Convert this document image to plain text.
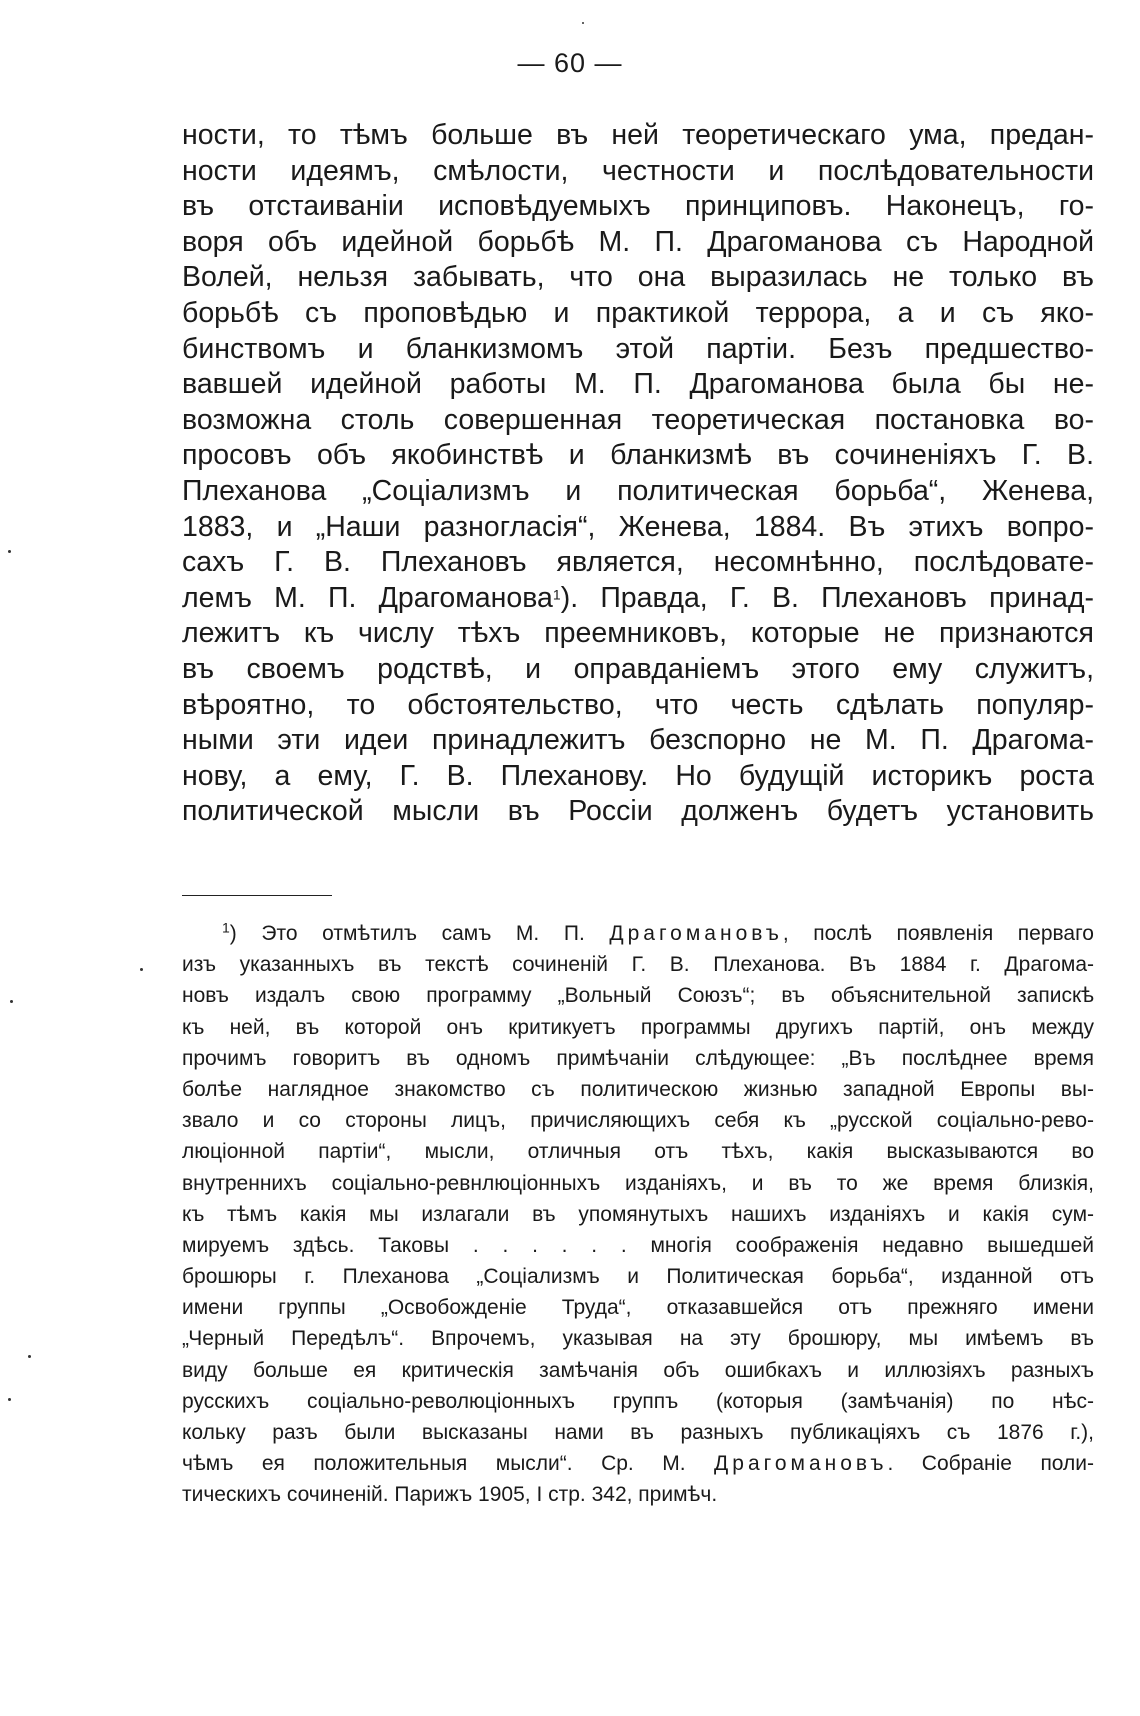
— 60 —
ности, то тѣмъ больше въ ней теоретическаго ума, предан-
ности идеямъ, смѣлости, честности и послѣдовательности
въ отстаиванiи исповѣдуемыхъ принциповъ. Наконецъ, го-
воря объ идейной борьбѣ М. П. Драгоманова съ Народной
Волей, нельзя забывать, что она выразилась не только въ
борьбѣ съ проповѣдью и практикой террора, а и съ яко-
бинствомъ и бланкизмомъ этой партiи. Безъ предшество-
вавшей идейной работы М. П. Драгоманова была бы не-
возможна столь совершенная теоретическая постановка во-
просовъ объ якобинствѣ и бланкизмѣ въ сочиненiяхъ Г. В.
Плеханова „Соцiализмъ и политическая борьба“, Женева,
1883, и „Наши разногласiя“, Женева, 1884. Въ этихъ вопро-
сахъ Г. В. Плехановъ является, несомнѣнно, послѣдовате-
лемъ М. П. Драгоманова$^1$). Правда, Г. В. Плехановъ принад-
лежитъ къ числу тѣхъ преемниковъ, которые не признаются
въ своемъ родствѣ, и оправданiемъ этого ему служитъ,
вѣроятно, то обстоятельство, что честь сдѣлать популяр-
ными эти идеи принадлежитъ безспорно не М. П. Драгома-
нову, а ему, Г. В. Плеханову. Но будущiй историкъ роста
политической мысли въ Россiи долженъ будетъ установить
$^1$) Это отмѣтилъ самъ М. П. Драгомановъ, послѣ появленiя перваго
изъ указанныхъ въ текстѣ сочиненiй Г. В. Плеханова. Въ 1884 г. Драгома-
новъ издалъ свою программу „Вольный Союзъ“; въ объяснительной запискѣ
къ ней, въ которой онъ критикуетъ программы другихъ партiй, онъ между
прочимъ говоритъ въ одномъ примѣчанiи слѣдующее: „Въ послѣднее время
болѣе наглядное знакомство съ политическою жизнью западной Европы вы-
звало и со стороны лицъ, причисляющихъ себя къ „русской соцiально-рево-
люцiонной партiи“, мысли, отличныя отъ тѣхъ, какiя высказываются во
внутреннихъ соцiально-ревнлюцiонныхъ изданiяхъ, и въ то же время близкiя,
къ тѣмъ какiя мы излагали въ упомянутыхъ нашихъ изданiяхъ и какiя сум-
мируемъ здѣсь. Таковы . . . . . . многiя соображенiя недавно вышедшей
брошюры г. Плеханова „Соцiализмъ и Политическая борьба“, изданной отъ
имени группы „Освобожденiе Труда“, отказавшейся отъ прежняго имени
„Черный Передѣлъ“. Впрочемъ, указывая на эту брошюру, мы имѣемъ въ
виду больше ея критическiя замѣчанiя объ ошибкахъ и иллюзiяхъ разныхъ
русскихъ соцiально-революцiонныхъ группъ (которыя (замѣчанiя) по нѣс-
кольку разъ были высказаны нами въ разныхъ публикацiяхъ съ 1876 г.),
чѣмъ ея положительныя мысли“. Ср. М. Драгомановъ. Собранiе поли-
тическихъ сочиненiй. Парижъ 1905, I стр. 342, примѣч.
